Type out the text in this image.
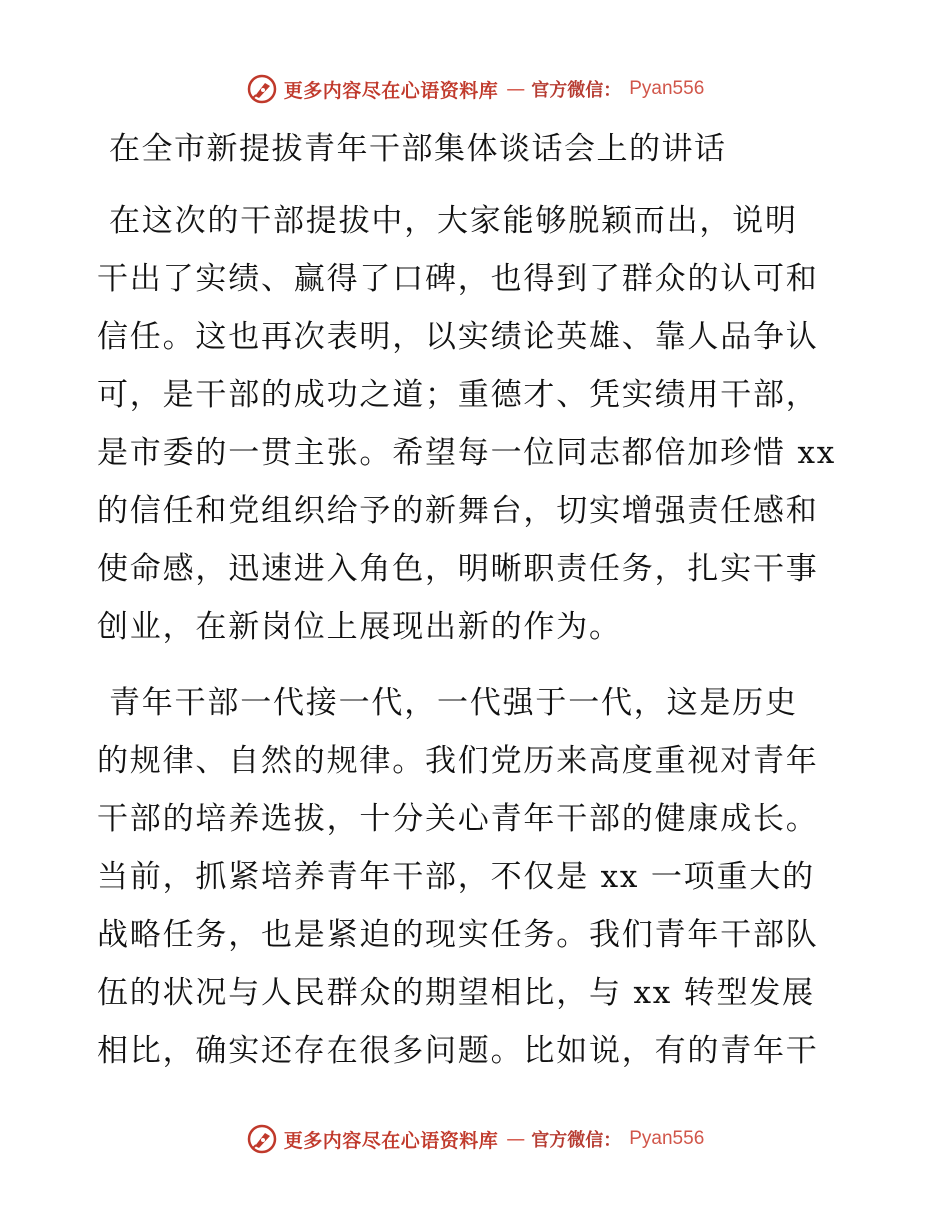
更多内容尽在心语资料库 — 官方微信： Pyan556
在全市新提拔青年干部集体谈话会上的讲话

在这次的干部提拔中，大家能够脱颖而出，说明
干出了实绩、赢得了口碑，也得到了群众的认可和
信任。这也再次表明，以实绩论英雄、靠人品争认
可，是干部的成功之道；重德才、凭实绩用干部，
是市委的一贯主张。希望每一位同志都倍加珍惜 xx
的信任和党组织给予的新舞台，切实增强责任感和
使命感，迅速进入角色，明晰职责任务，扎实干事
创业，在新岗位上展现出新的作为。

青年干部一代接一代，一代强于一代，这是历史
的规律、自然的规律。我们党历来高度重视对青年
干部的培养选拔，十分关心青年干部的健康成长。
当前，抓紧培养青年干部，不仅是 xx 一项重大的
战略任务，也是紧迫的现实任务。我们青年干部队
伍的状况与人民群众的期望相比，与 xx 转型发展
相比，确实还存在很多问题。比如说，有的青年干

更多内容尽在心语资料库 — 官方微信： Pyan556
